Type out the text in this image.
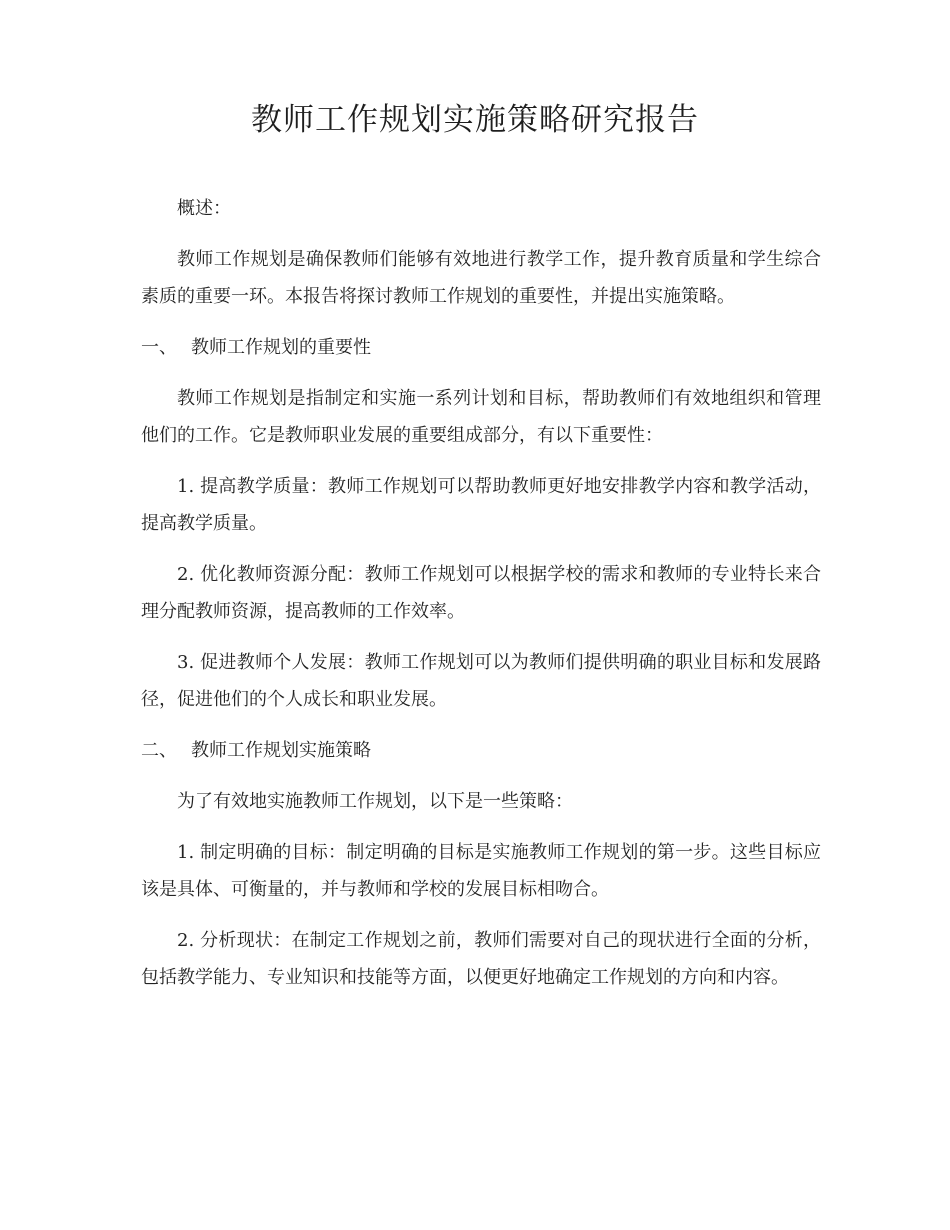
教师工作规划实施策略研究报告

概述：

教师工作规划是确保教师们能够有效地进行教学工作，提升教育质量和学生综合素质的重要一环。本报告将探讨教师工作规划的重要性，并提出实施策略。

一、 教师工作规划的重要性

教师工作规划是指制定和实施一系列计划和目标，帮助教师们有效地组织和管理他们的工作。它是教师职业发展的重要组成部分，有以下重要性：

1. 提高教学质量：教师工作规划可以帮助教师更好地安排教学内容和教学活动，提高教学质量。

2. 优化教师资源分配：教师工作规划可以根据学校的需求和教师的专业特长来合理分配教师资源，提高教师的工作效率。

3. 促进教师个人发展：教师工作规划可以为教师们提供明确的职业目标和发展路径，促进他们的个人成长和职业发展。

二、 教师工作规划实施策略

为了有效地实施教师工作规划，以下是一些策略：

1. 制定明确的目标：制定明确的目标是实施教师工作规划的第一步。这些目标应该是具体、可衡量的，并与教师和学校的发展目标相吻合。

2. 分析现状：在制定工作规划之前，教师们需要对自己的现状进行全面的分析，包括教学能力、专业知识和技能等方面，以便更好地确定工作规划的方向和内容。
